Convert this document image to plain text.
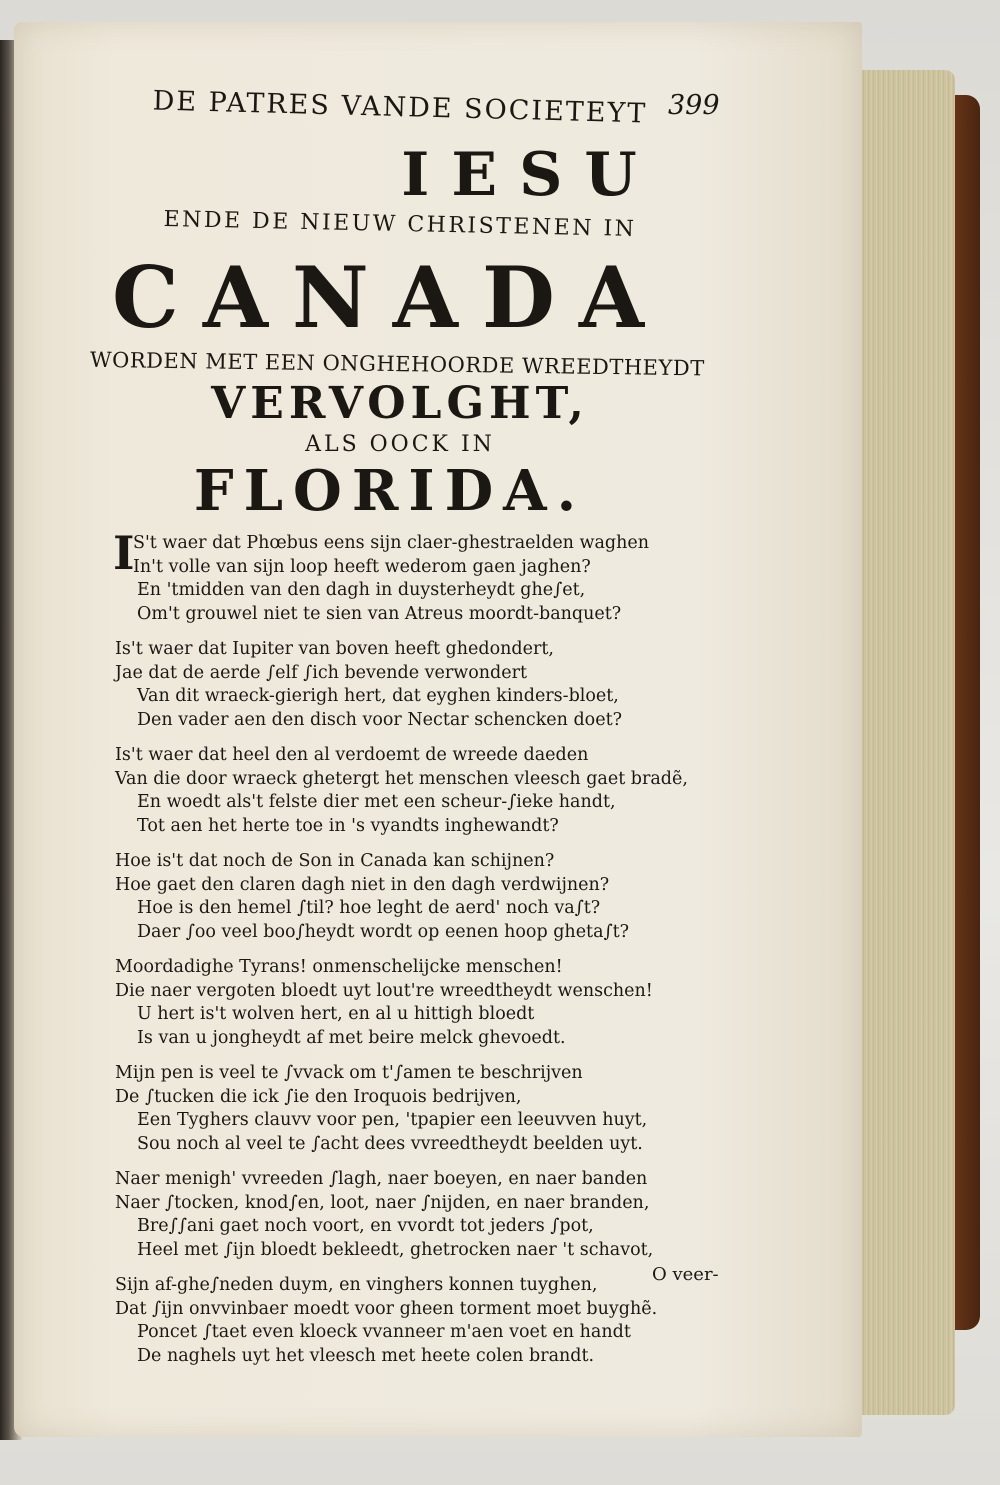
DE PATRES VANDE SOCIETEYT 399
IESU
ENDE DE NIEUW CHRISTENEN IN
CANADA
WORDEN MET EEN ONGHEHOORDE WREEDTHEYDT
VERVOLGHT,
ALS OOCK IN
FLORIDA.
I
S't waer dat Phœbus eens sijn claer-ghestraelden waghen
In't volle van sijn loop heeft wederom gaen jaghen?
En 'tmidden van den dagh in duysterheydt ghe∫et,
Om't grouwel niet te sien van Atreus moordt-banquet?
Is't waer dat Iupiter van boven heeft ghedondert,
Jae dat de aerde ∫elf ∫ich bevende verwondert
Van dit wraeck-gierigh hert, dat eyghen kinders-bloet,
Den vader aen den disch voor Nectar schencken doet?
Is't waer dat heel den al verdoemt de wreede daeden
Van die door wraeck ghetergt het menschen vleesch gaet bradẽ,
En woedt als't felste dier met een scheur-∫ieke handt,
Tot aen het herte toe in 's vyandts inghewandt?
Hoe is't dat noch de Son in Canada kan schijnen?
Hoe gaet den claren dagh niet in den dagh verdwijnen?
Hoe is den hemel ∫til? hoe leght de aerd' noch va∫t?
Daer ∫oo veel boo∫heydt wordt op eenen hoop gheta∫t?
Moordadighe Tyrans! onmenschelijcke menschen!
Die naer vergoten bloedt uyt lout're wreedtheydt wenschen!
U hert is't wolven hert, en al u hittigh bloedt
Is van u jongheydt af met beire melck ghevoedt.
Mijn pen is veel te ∫vvack om t'∫amen te beschrijven
De ∫tucken die ick ∫ie den Iroquois bedrijven,
Een Tyghers clauvv voor pen, 'tpapier een leeuvven huyt,
Sou noch al veel te ∫acht dees vvreedtheydt beelden uyt.
Naer menigh' vvreeden ∫lagh, naer boeyen, en naer banden
Naer ∫tocken, knod∫en, loot, naer ∫nijden, en naer branden,
Bre∫∫ani gaet noch voort, en vvordt tot jeders ∫pot,
Heel met ∫ijn bloedt bekleedt, ghetrocken naer 't schavot,
Sijn af-ghe∫neden duym, en vinghers konnen tuyghen,
Dat ∫ijn onvvinbaer moedt voor gheen torment moet buyghẽ.
Poncet ∫taet even kloeck vvanneer m'aen voet en handt
De naghels uyt het vleesch met heete colen brandt.
O veer-
